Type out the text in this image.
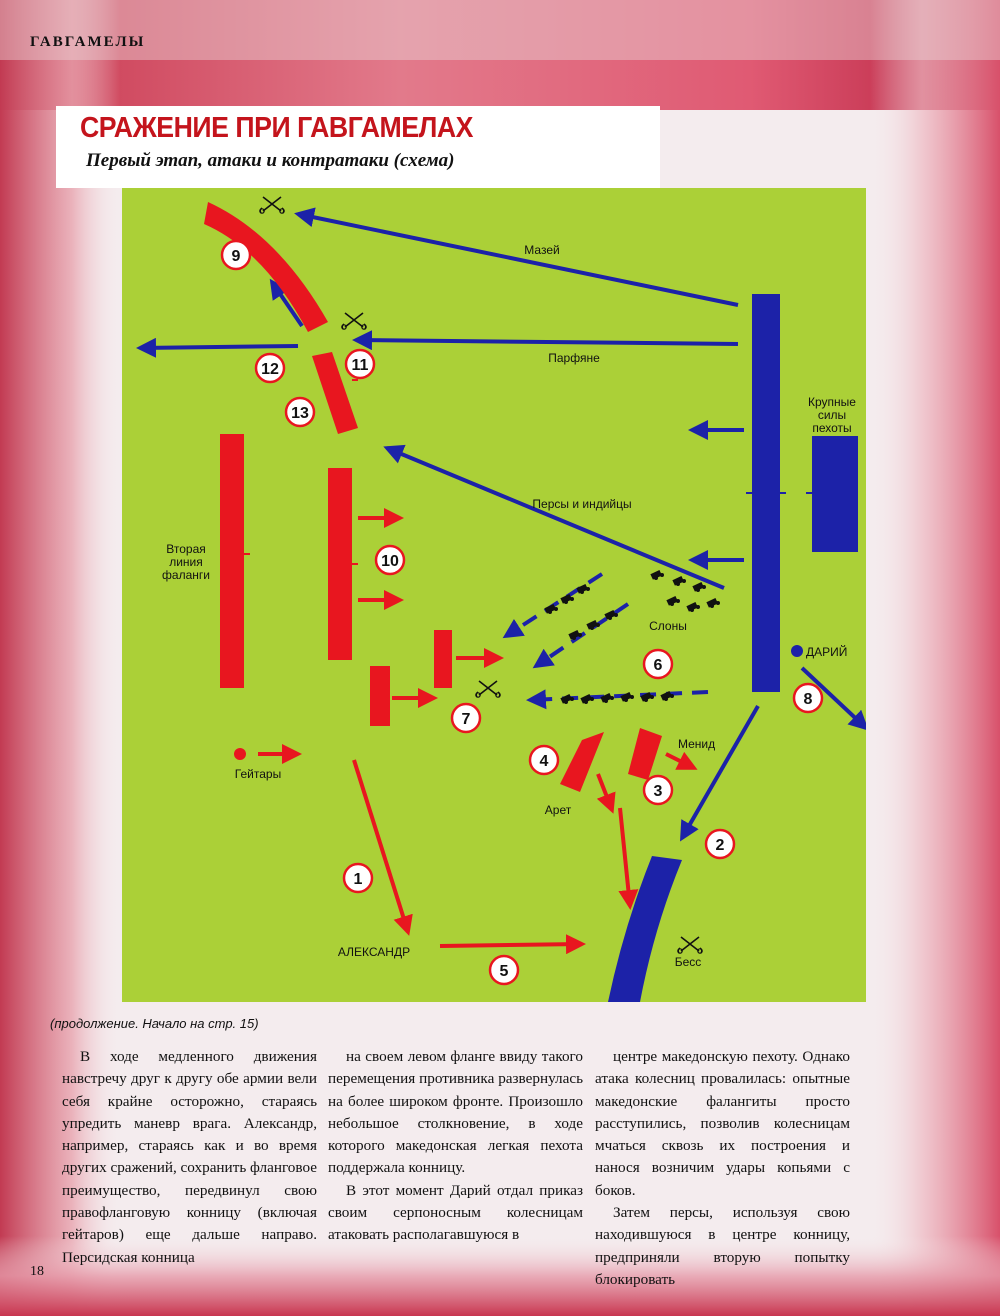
ГАВГАМЕЛЫ
СРАЖЕНИЕ ПРИ ГАВГАМЕЛАХ
Первый этап, атаки и контратаки (схема)
9
11
12
13
10
6
7
8
4
3
2
1
5
Мазей
Парфяне
Крупные
силы
пехоты
Персы и индийцы
Вторая
линия
фаланги
Слоны
ДАРИЙ
Менид
Арет
Гейтары
АЛЕКСАНДР
Бесс
(продолжение. Начало на стр. 15)

В ходе медленного движения навстречу друг к другу обе армии вели себя крайне осторожно, стараясь упредить маневр врага. Александр, например, стараясь как и во время других сражений, сохранить фланговое преимущество, передвинул свою правофланговую конницу (включая гейтаров) еще дальше направо. Персидская конница

на своем левом фланге ввиду такого перемещения противника развернулась на более широком фронте. Произошло небольшое столкновение, в ходе которого македонская легкая пехота поддержала конницу.

В этот момент Дарий отдал приказ своим серпоносным колесницам атаковать располагавшуюся в

центре македонскую пехоту. Однако атака колесниц провалилась: опытные македонские фалангиты просто расступились, позволив колесницам мчаться сквозь их построения и нанося возничим удары копьями с боков.

Затем персы, используя свою находившуюся в центре конницу, предприняли вторую попытку блокировать

18
